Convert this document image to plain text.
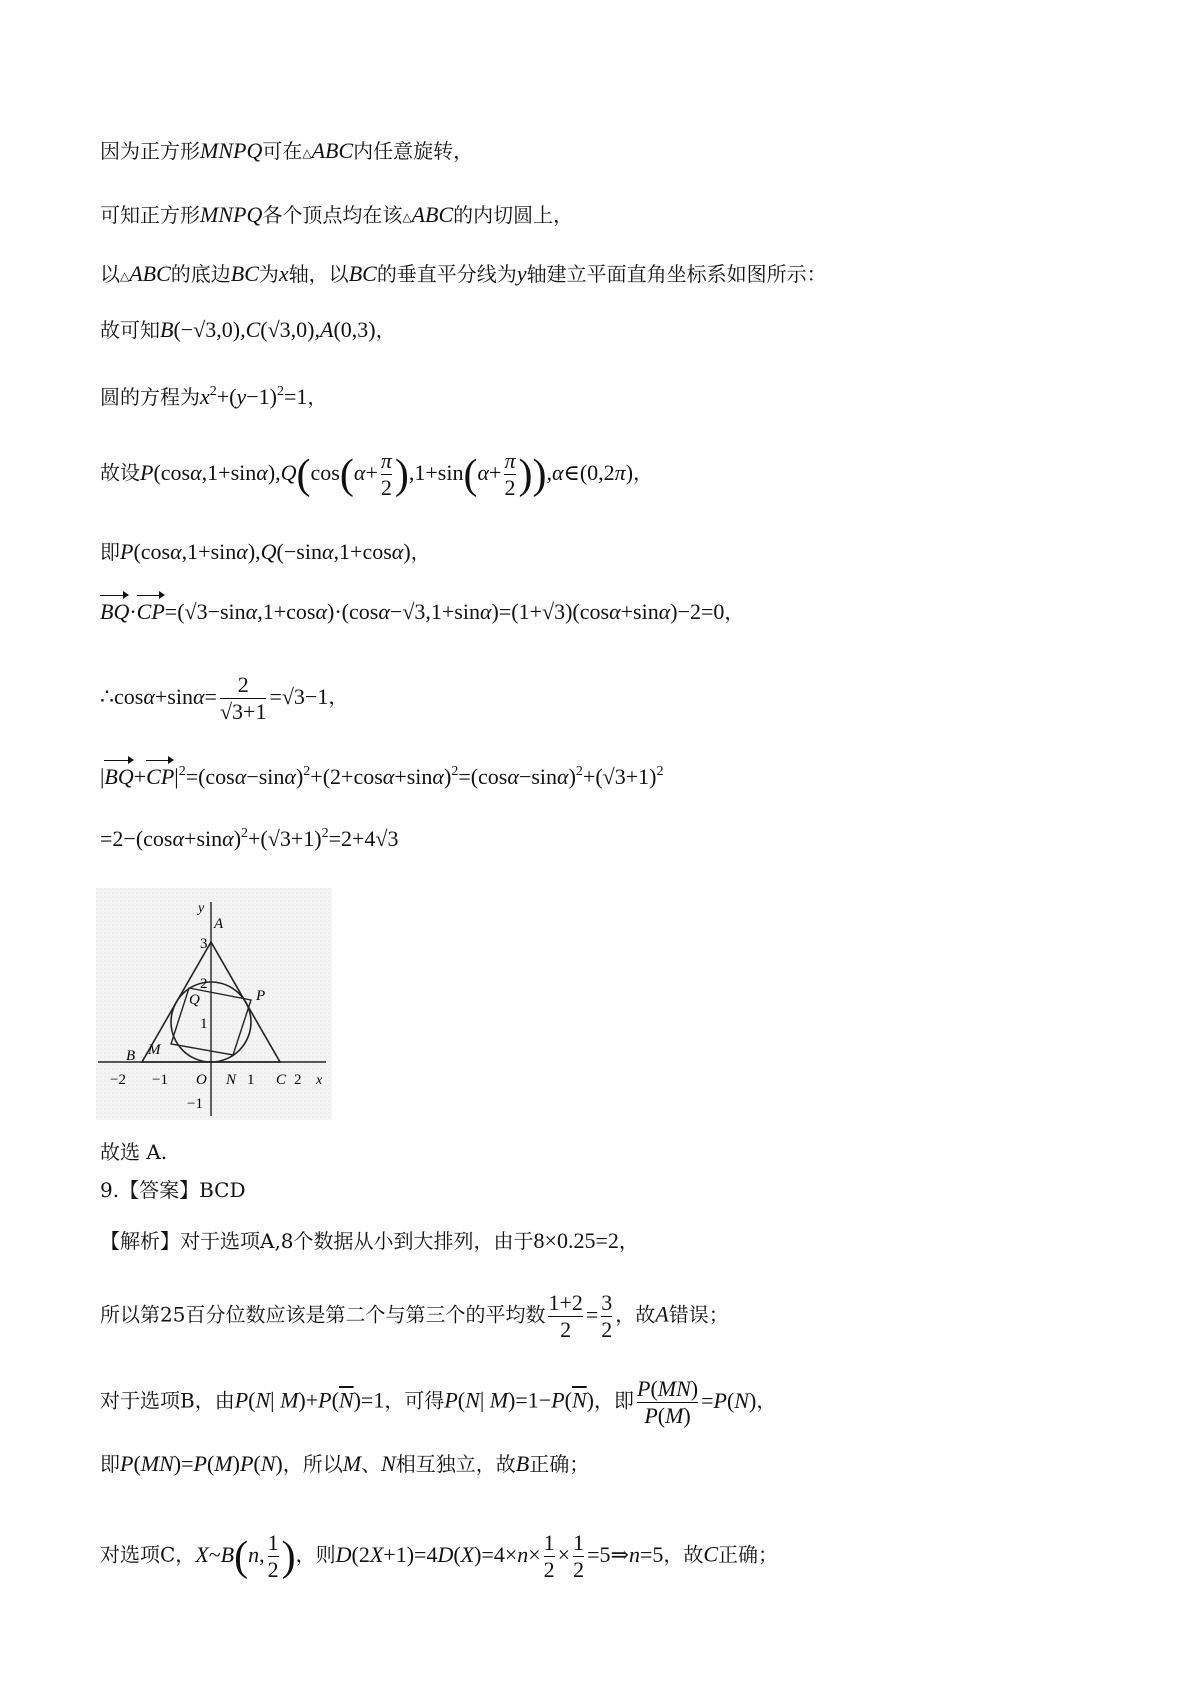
因为正方形MNPQ可在△ABC内任意旋转，
可知正方形MNPQ各个顶点均在该△ABC的内切圆上，
以△ABC的底边BC为x轴，以BC的垂直平分线为y轴建立平面直角坐标系如图所示：
故可知B(−√3,0),C(√3,0),A(0,3)，
圆的方程为$x^2+(y-1)^2=1$，
故设$P(\cos\alpha,1+\sin\alpha),Q(\cos(\alpha+ \frac{\pi}{2} ),1+\sin(\alpha+ \frac{\pi}{2}$ )),α∈(0,2π)，
即P(cosα,1+sinα),Q(−sinα,1+cosα)，
BQ·CP=(√3−sinα,1+cosα)·(cosα−√3,1+sinα)=(1+√3)(cosα+sinα)−2=0，
∴cosα+sinα= $\frac{2}{√3+1} =√3-1$，
$|BQ+CP|^2=(\cos\alpha-\sin\alpha)^2+(2+\cos\alpha+\sin\alpha)^2=(\cos\alpha-\sin\alpha)^2+(√3+1)^2$
$=2-(\cos\alpha+\sin\alpha)^2+(√3+1)^2=2+4√3$
y
x
−2 −1 O	1	2
3
2
1
−1
A
B
C
M
N
P
Q
故选 A.
9.【答案】BCD
【解析】对于选项A,8个数据从小到大排列，由于8×0.25=2，
所以第25百分位数应该是第二个与第三个的平均数 $\frac{1+2}{2} = \frac{3}{2}$ ，故A错误；
对于选项B，由P(N| $M)+P(\overline{N})=1$，可得P(N| $M)=1-P(\overline{N})$，即 $\frac{P(MN)}{P(M)} =P(N)$，
即P(MN)=P(M)P(N)，所以M、N相互独立，故B正确；
对选项C，X~B(n, $\frac{1}{2}$ )，则$D(2X+1)=4D(X)=4\times n\times \frac{1}{2} \times \frac{1}{2}$ =5⇒n=5，故C正确；
